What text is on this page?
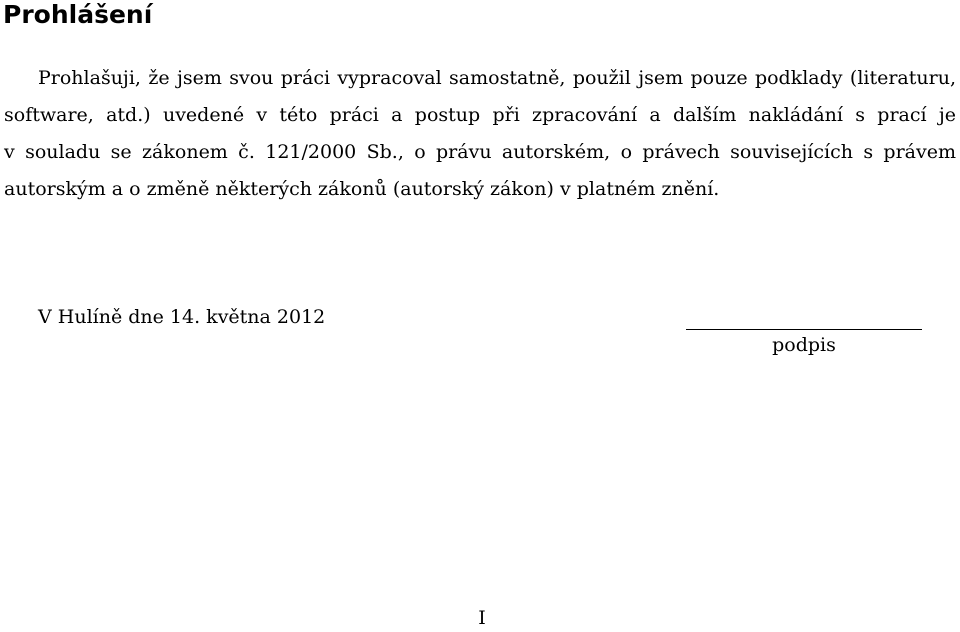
Prohlášení

Prohlašuji, že jsem svou práci vypracoval samostatně, použil jsem pouze podklady (literaturu,
software, atd.) uvedené v této práci a postup při zpracování a dalším nakládání s prací je
v souladu se zákonem č. 121/2000 Sb., o právu autorském, o právech souvisejících s právem
autorským a o změně některých zákonů (autorský zákon) v platném znění.

V Hulíně dne 14. května 2012

podpis
I
